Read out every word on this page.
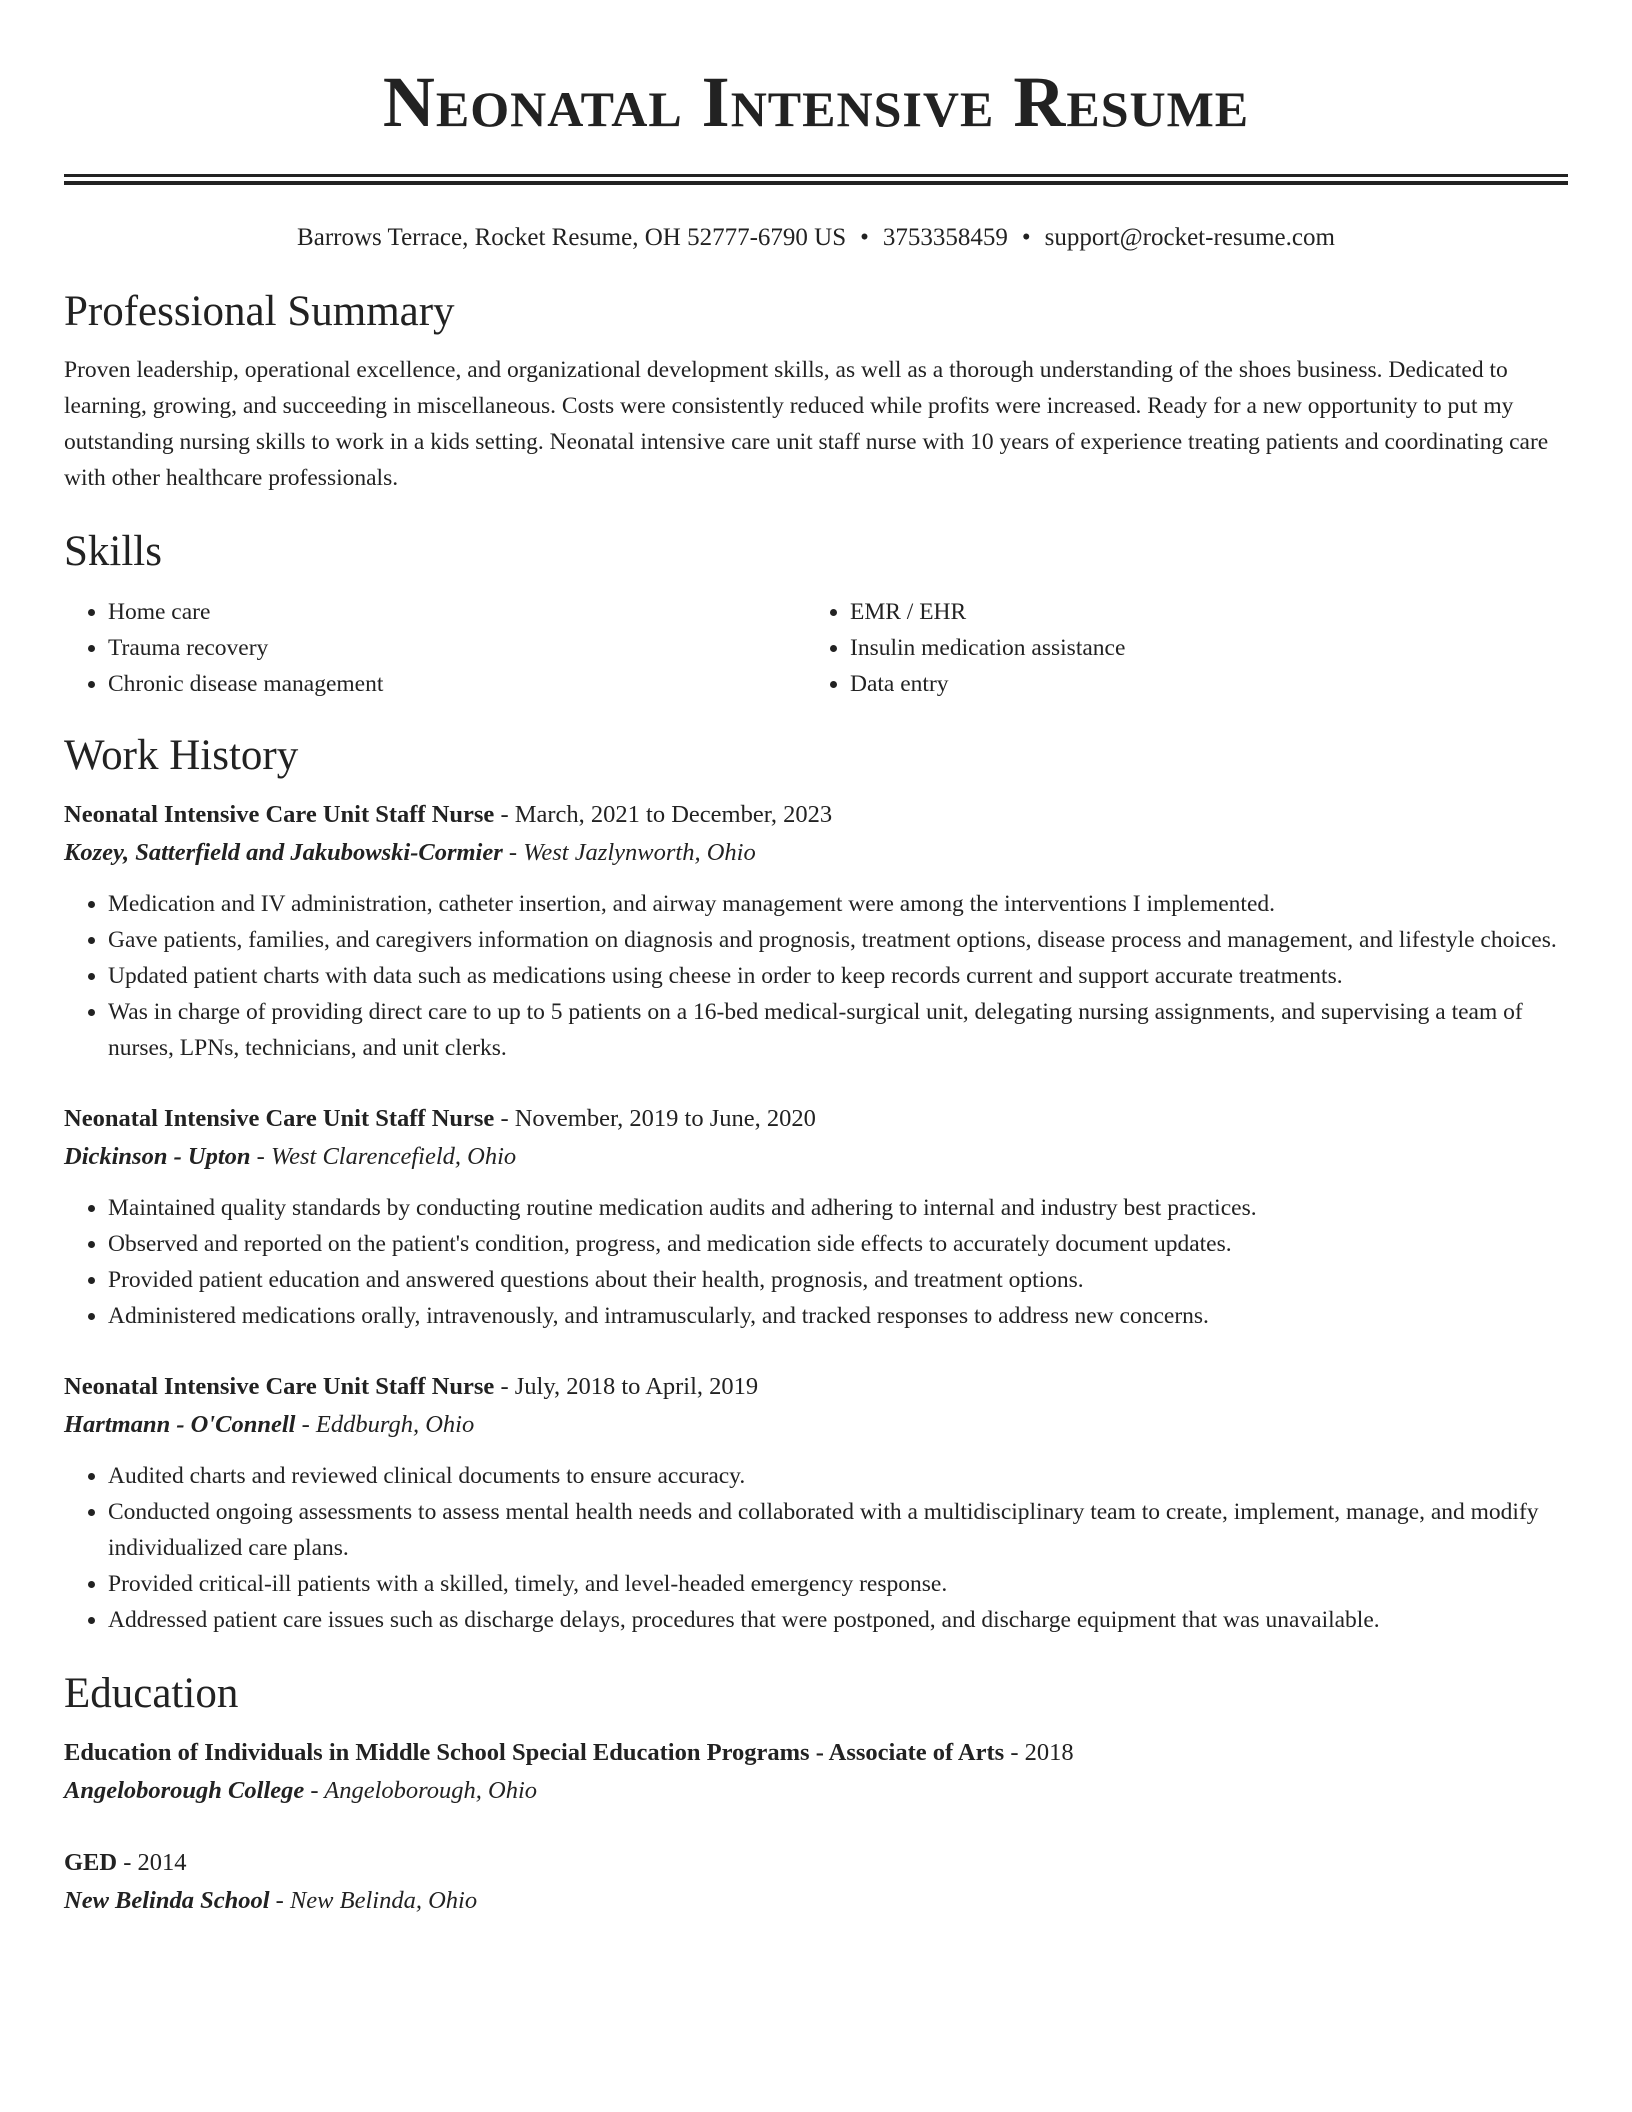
Neonatal Intensive Resume
Barrows Terrace, Rocket Resume, OH 52777-6790 US • 3753358459 • support@rocket-resume.com
Professional Summary

Proven leadership, operational excellence, and organizational development skills, as well as a thorough understanding of the shoes business. Dedicated to learning, growing, and succeeding in miscellaneous. Costs were consistently reduced while profits were increased. Ready for a new opportunity to put my outstanding nursing skills to work in a kids setting. Neonatal intensive care unit staff nurse with 10 years of experience treating patients and coordinating care with other healthcare professionals.

Skills
• Home care
• Trauma recovery
• Chronic disease management
• EMR / EHR
• Insulin medication assistance
• Data entry
Work History
Neonatal Intensive Care Unit Staff Nurse - March, 2021 to December, 2023
Kozey, Satterfield and Jakubowski-Cormier - West Jazlynworth, Ohio
• Medication and IV administration, catheter insertion, and airway management were among the interventions I implemented.
• Gave patients, families, and caregivers information on diagnosis and prognosis, treatment options, disease process and management, and lifestyle choices.
• Updated patient charts with data such as medications using cheese in order to keep records current and support accurate treatments.
• Was in charge of providing direct care to up to 5 patients on a 16-bed medical-surgical unit, delegating nursing assignments, and supervising a team of nurses, LPNs, technicians, and unit clerks.
Neonatal Intensive Care Unit Staff Nurse - November, 2019 to June, 2020
Dickinson - Upton - West Clarencefield, Ohio
• Maintained quality standards by conducting routine medication audits and adhering to internal and industry best practices.
• Observed and reported on the patient's condition, progress, and medication side effects to accurately document updates.
• Provided patient education and answered questions about their health, prognosis, and treatment options.
• Administered medications orally, intravenously, and intramuscularly, and tracked responses to address new concerns.
Neonatal Intensive Care Unit Staff Nurse - July, 2018 to April, 2019
Hartmann - O'Connell - Eddburgh, Ohio
• Audited charts and reviewed clinical documents to ensure accuracy.
• Conducted ongoing assessments to assess mental health needs and collaborated with a multidisciplinary team to create, implement, manage, and modify individualized care plans.
• Provided critical-ill patients with a skilled, timely, and level-headed emergency response.
• Addressed patient care issues such as discharge delays, procedures that were postponed, and discharge equipment that was unavailable.
Education
Education of Individuals in Middle School Special Education Programs - Associate of Arts - 2018
Angeloborough College - Angeloborough, Ohio
GED - 2014
New Belinda School - New Belinda, Ohio
